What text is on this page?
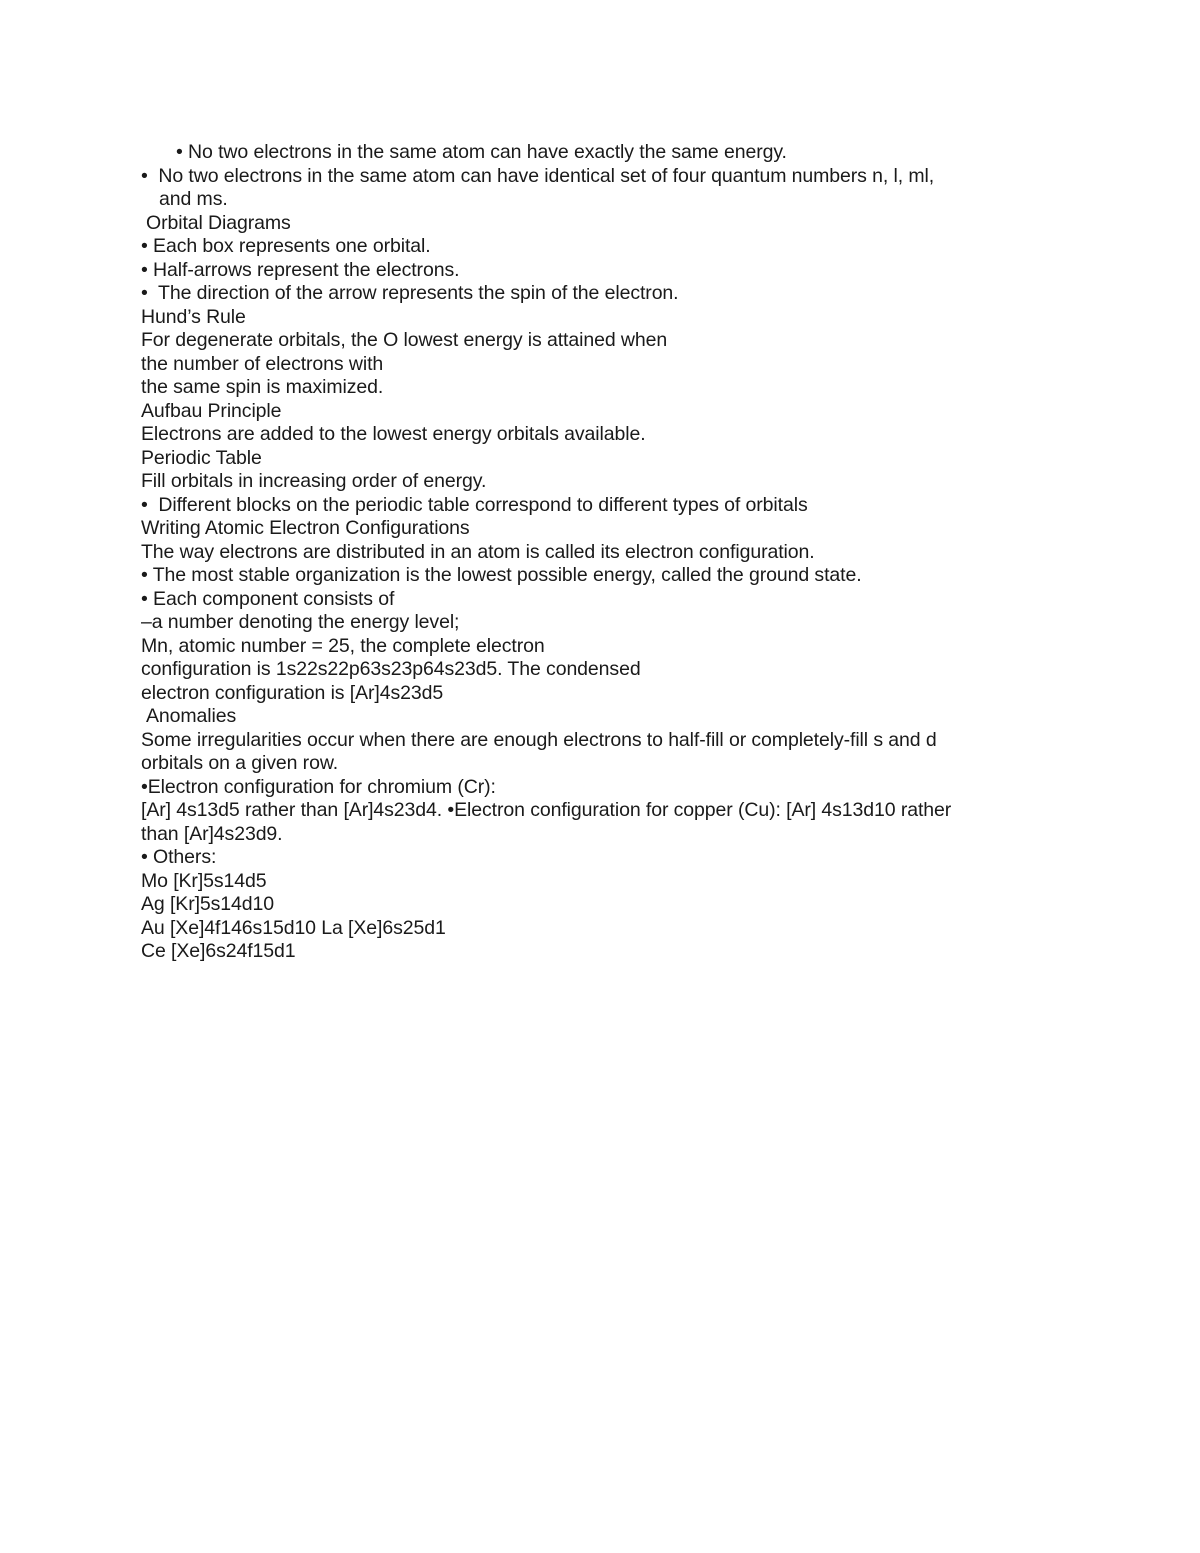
• No two electrons in the same atom can have exactly the same energy.

•  No two electrons in the same atom can have identical set of four quantum numbers n, l, ml,

and ms.

Orbital Diagrams

• Each box represents one orbital.

• Half-arrows represent the electrons.

•  The direction of the arrow represents the spin of the electron.

Hund’s Rule

For degenerate orbitals, the O lowest energy is attained when

the number of electrons with

the same spin is maximized.

Aufbau Principle

Electrons are added to the lowest energy orbitals available.

Periodic Table

Fill orbitals in increasing order of energy.

•  Different blocks on the periodic table correspond to different types of orbitals

Writing Atomic Electron Configurations

The way electrons are distributed in an atom is called its electron configuration.

• The most stable organization is the lowest possible energy, called the ground state.

• Each component consists of

–a number denoting the energy level;

Mn, atomic number = 25, the complete electron

configuration is 1s22s22p63s23p64s23d5. The condensed

electron configuration is [Ar]4s23d5

Anomalies

Some irregularities occur when there are enough electrons to half-fill or completely-fill s and d

orbitals on a given row.

•Electron configuration for chromium (Cr):

[Ar] 4s13d5 rather than [Ar]4s23d4. •Electron configuration for copper (Cu): [Ar] 4s13d10 rather

than [Ar]4s23d9.

• Others:

Mo [Kr]5s14d5

Ag [Kr]5s14d10

Au [Xe]4f146s15d10 La [Xe]6s25d1

Ce [Xe]6s24f15d1
